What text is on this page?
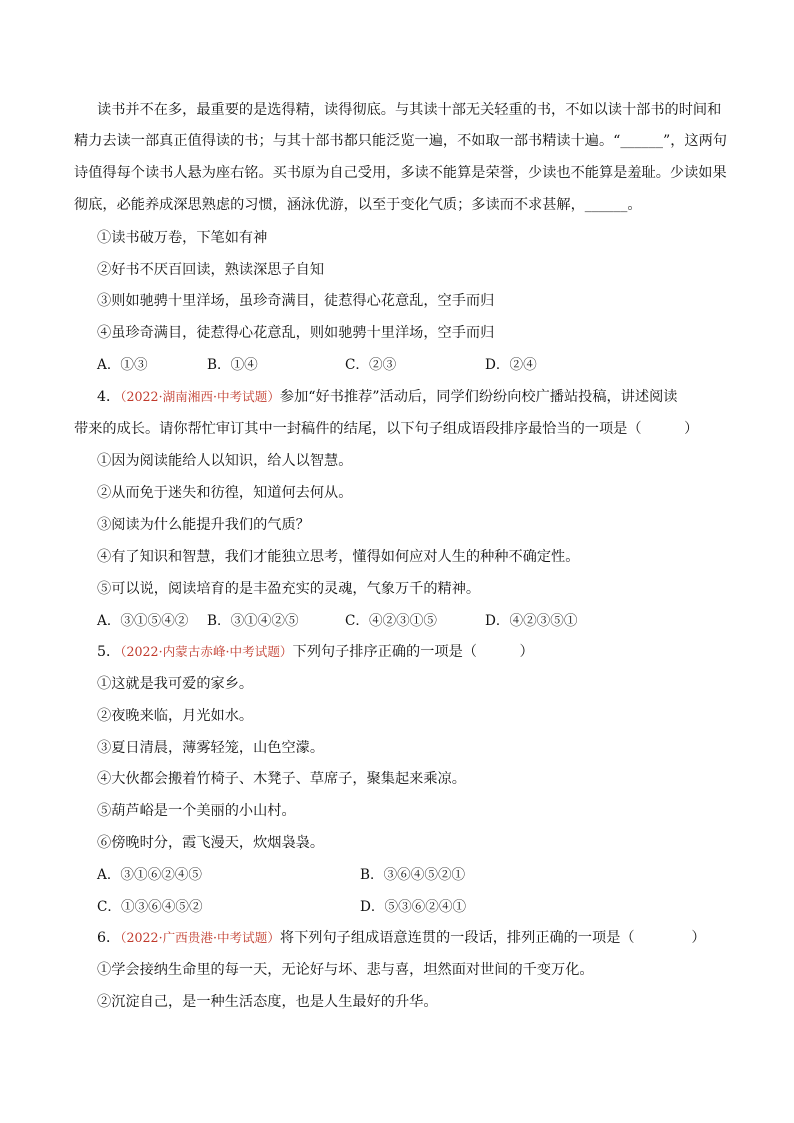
读书并不在多，最重要的是选得精，读得彻底。与其读十部无关轻重的书，不如以读十部书的时间和
精力去读一部真正值得读的书；与其十部书都只能泛览一遍，不如取一部书精读十遍。“______”，这两句
诗值得每个读书人悬为座右铭。买书原为自己受用，多读不能算是荣誉，少读也不能算是羞耻。少读如果
彻底，必能养成深思熟虑的习惯，涵泳优游，以至于变化气质；多读而不求甚解，______。
①读书破万卷，下笔如有神
②好书不厌百回读，熟读深思子自知
③则如驰骋十里洋场，虽珍奇满目，徒惹得心花意乱，空手而归
④虽珍奇满目，徒惹得心花意乱，则如驰骋十里洋场，空手而归
A．①③	B．①④	C．②③	D．②④
4．（2022·湖南湘西·中考试题）参加“好书推荐”活动后，同学们纷纷向校广播站投稿，讲述阅读
带来的成长。请你帮忙审订其中一封稿件的结尾，以下句子组成语段排序最恰当的一项是（　　　）
①因为阅读能给人以知识，给人以智慧。
②从而免于迷失和彷徨，知道何去何从。
③阅读为什么能提升我们的气质？
④有了知识和智慧，我们才能独立思考，懂得如何应对人生的种种不确定性。
⑤可以说，阅读培育的是丰盈充实的灵魂，气象万千的精神。
A．③①⑤④② B．③①④②⑤	C．④②③①⑤	D．④②③⑤①
5．（2022·内蒙古赤峰·中考试题）下列句子排序正确的一项是（　　　）
①这就是我可爱的家乡。
②夜晚来临，月光如水。
③夏日清晨，薄雾轻笼，山色空濛。
④大伙都会搬着竹椅子、木凳子、草席子，聚集起来乘凉。
⑤葫芦峪是一个美丽的小山村。
⑥傍晚时分，霞飞漫天，炊烟袅袅。
A．③①⑥②④⑤	B．③⑥④⑤②①
C．①③⑥④⑤②	D．⑤③⑥②④①
6．（2022·广西贵港·中考试题）将下列句子组成语意连贯的一段话，排列正确的一项是（　　　　）
①学会接纳生命里的每一天，无论好与坏、悲与喜，坦然面对世间的千变万化。
②沉淀自己，是一种生活态度，也是人生最好的升华。
